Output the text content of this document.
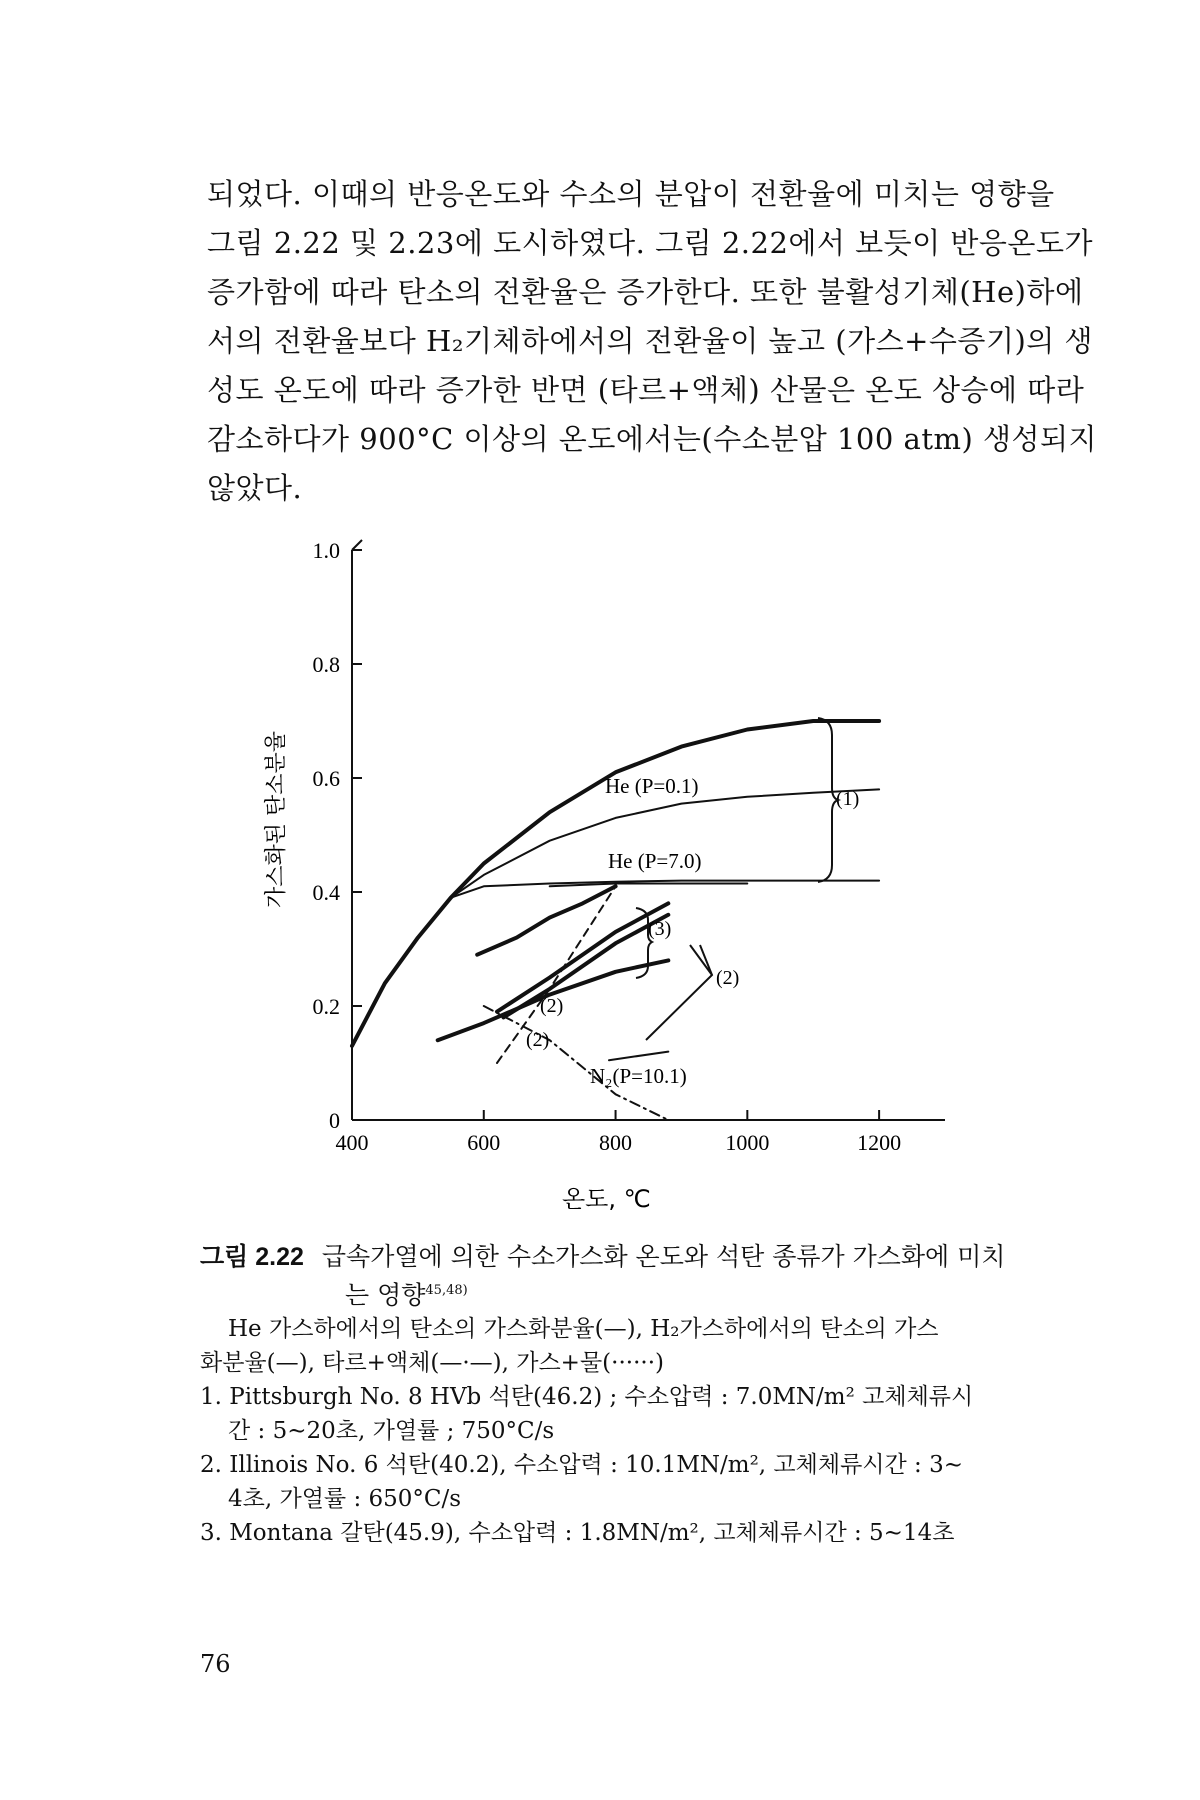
되었다. 이때의 반응온도와 수소의 분압이 전환율에 미치는 영향을
그림 2.22 및 2.23에 도시하였다. 그림 2.22에서 보듯이 반응온도가
증가함에 따라 탄소의 전환율은 증가한다. 또한 불활성기체(He)하에
서의 전환율보다 H₂기체하에서의 전환율이 높고 (가스+수증기)의 생
성도 온도에 따라 증가한 반면 (타르+액체) 산물은 온도 상승에 따라
감소하다가 900°C 이상의 온도에서는(수소분압 100 atm) 생성되지
않았다.
400	600	800	1000	1200
0
0.2
0.4
0.6
0.8
1.0
He (P=0.1)
He (P=7.0)
N₂(P=10.1)
(1)
(2)
(2)
(2)
(3)
온도, ℃
가스화된 탄소분율
그림 2.22 급속가열에 의한 수소가스화 온도와 석탄 종류가 가스화에 미치
는 영향$^{45,48)}$
He 가스하에서의 탄소의 가스화분율(—), H₂가스하에서의 탄소의 가스
화분율(—), 타르+액체(—·—), 가스+물(······)
1. Pittsburgh No. 8 HVb 석탄(46.2) ; 수소압력 : 7.0MN/m² 고체체류시
간 : 5∼20초, 가열률 ; 750°C/s
2. Illinois No. 6 석탄(40.2), 수소압력 : 10.1MN/m², 고체체류시간 : 3∼
4초, 가열률 : 650°C/s
3. Montana 갈탄(45.9), 수소압력 : 1.8MN/m², 고체체류시간 : 5∼14초
76
